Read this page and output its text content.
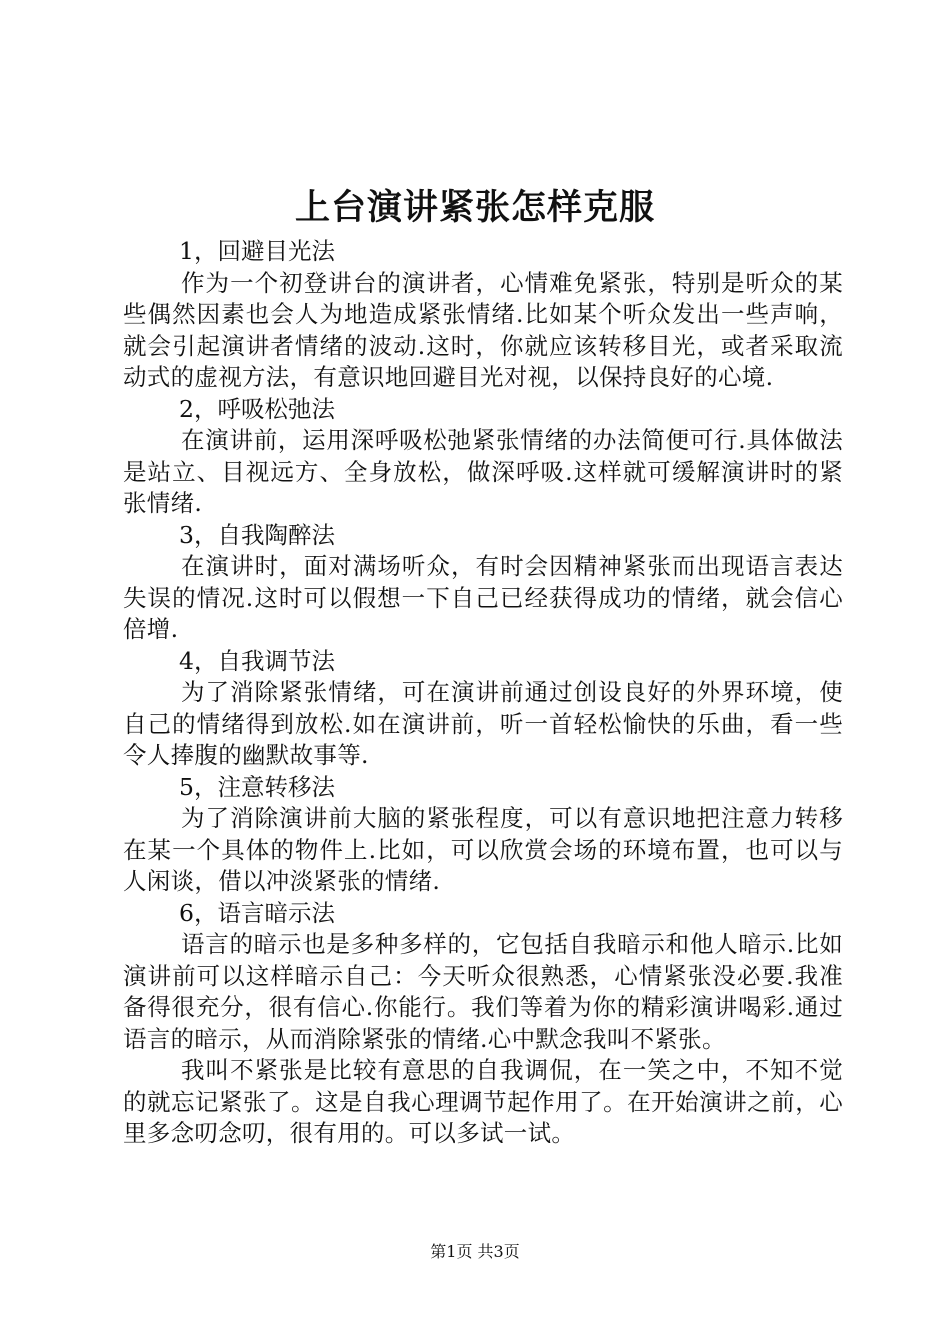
上台演讲紧张怎样克服

1，回避目光法

作为一个初登讲台的演讲者，心情难免紧张，特别是听众的某些偶然因素也会人为地造成紧张情绪.比如某个听众发出一些声响，就会引起演讲者情绪的波动.这时，你就应该转移目光，或者采取流动式的虚视方法，有意识地回避目光对视，以保持良好的心境.

2，呼吸松弛法

在演讲前，运用深呼吸松弛紧张情绪的办法简便可行.具体做法是站立、目视远方、全身放松，做深呼吸.这样就可缓解演讲时的紧张情绪.

3，自我陶醉法

在演讲时，面对满场听众，有时会因精神紧张而出现语言表达失误的情况.这时可以假想一下自己已经获得成功的情绪，就会信心倍增.

4，自我调节法

为了消除紧张情绪，可在演讲前通过创设良好的外界环境，使自己的情绪得到放松.如在演讲前，听一首轻松愉快的乐曲，看一些令人捧腹的幽默故事等.

5，注意转移法

为了消除演讲前大脑的紧张程度，可以有意识地把注意力转移在某一个具体的物件上.比如，可以欣赏会场的环境布置，也可以与人闲谈，借以冲淡紧张的情绪.

6，语言暗示法

语言的暗示也是多种多样的，它包括自我暗示和他人暗示.比如演讲前可以这样暗示自己：今天听众很熟悉，心情紧张没必要.我准备得很充分，很有信心.你能行。我们等着为你的精彩演讲喝彩.通过语言的暗示，从而消除紧张的情绪.心中默念我叫不紧张。

我叫不紧张是比较有意思的自我调侃，在一笑之中，不知不觉的就忘记紧张了。这是自我心理调节起作用了。在开始演讲之前，心里多念叨念叨，很有用的。可以多试一试。

第1页 共3页
